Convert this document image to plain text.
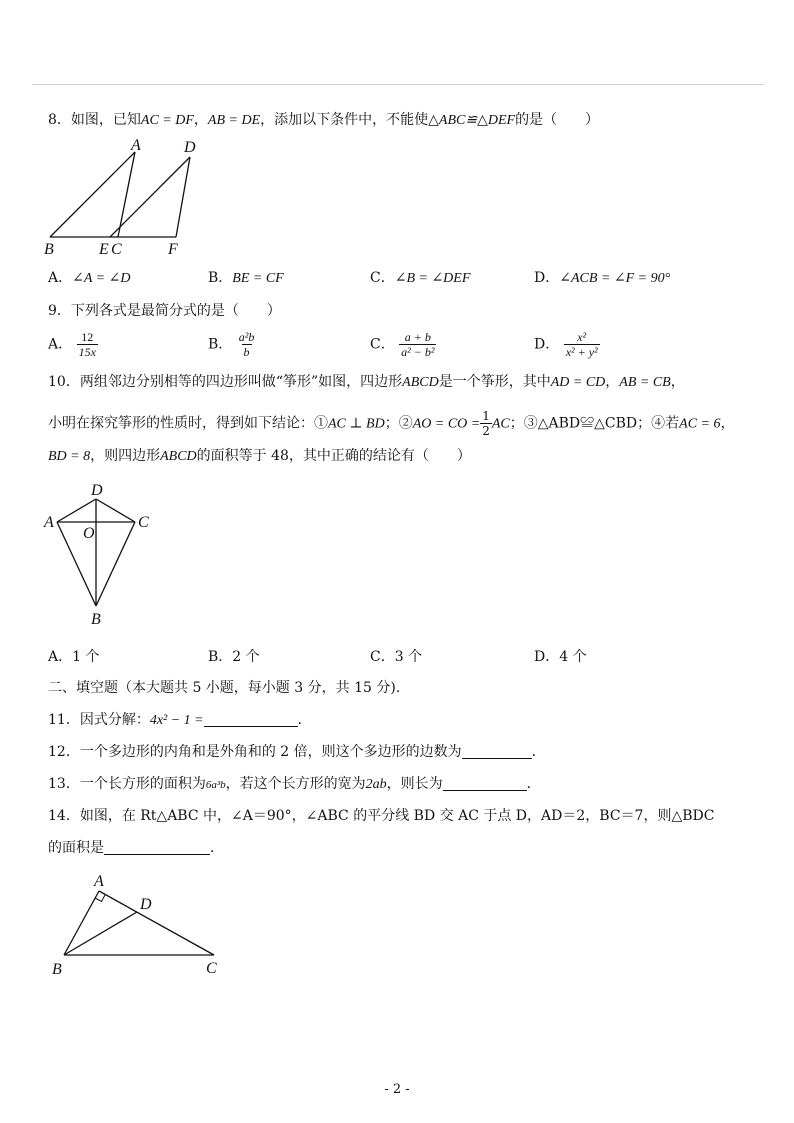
8．如图，已知AC = DF，AB = DE，添加以下条件中，不能使△ABC≌△DEF的是（　　）
A	D
B	E C	F
A．∠A = ∠D	B．BE = CF	C．∠B = ∠DEF	D．∠ACB = ∠F = 90°
9．下列各式是最简分式的是（　　）
A． $\frac{12}{15x}$	B． $\frac{\text{a²b}}{b}$	C． $\frac{a + b}{\text{a² − b²}}$	D． $\frac{\text{x²}}{\text{x² + y²}}$
10．两组邻边分别相等的四边形叫做“筝形”如图，四边形ABCD是一个筝形，其中AD = CD，AB = CB，
小明在探究筝形的性质时，得到如下结论：①AC ⊥ BD；②AO = CO = $\frac{1}{2}$ AC；③△ABD≌△CBD；④若AC = 6，
BD = 8，则四边形ABCD的面积等于 48，其中正确的结论有（　　）
D
A	C
O
B
A．1 个	B．2 个	C．3 个	D．4 个
二、填空题（本大题共 5 小题，每小题 3 分，共 15 分).
11．因式分解：4x² − 1 =	．
12．一个多边形的内角和是外角和的 2 倍，则这个多边形的边数为	．
13．一个长方形的面积为6a³b，若这个长方形的宽为2ab，则长为	．
14．如图，在 Rt△ABC 中，∠A＝90°，∠ABC 的平分线 BD 交 AC 于点 D，AD＝2，BC＝7，则△BDC
的面积是	．
A
D
B	C
- 2 -
